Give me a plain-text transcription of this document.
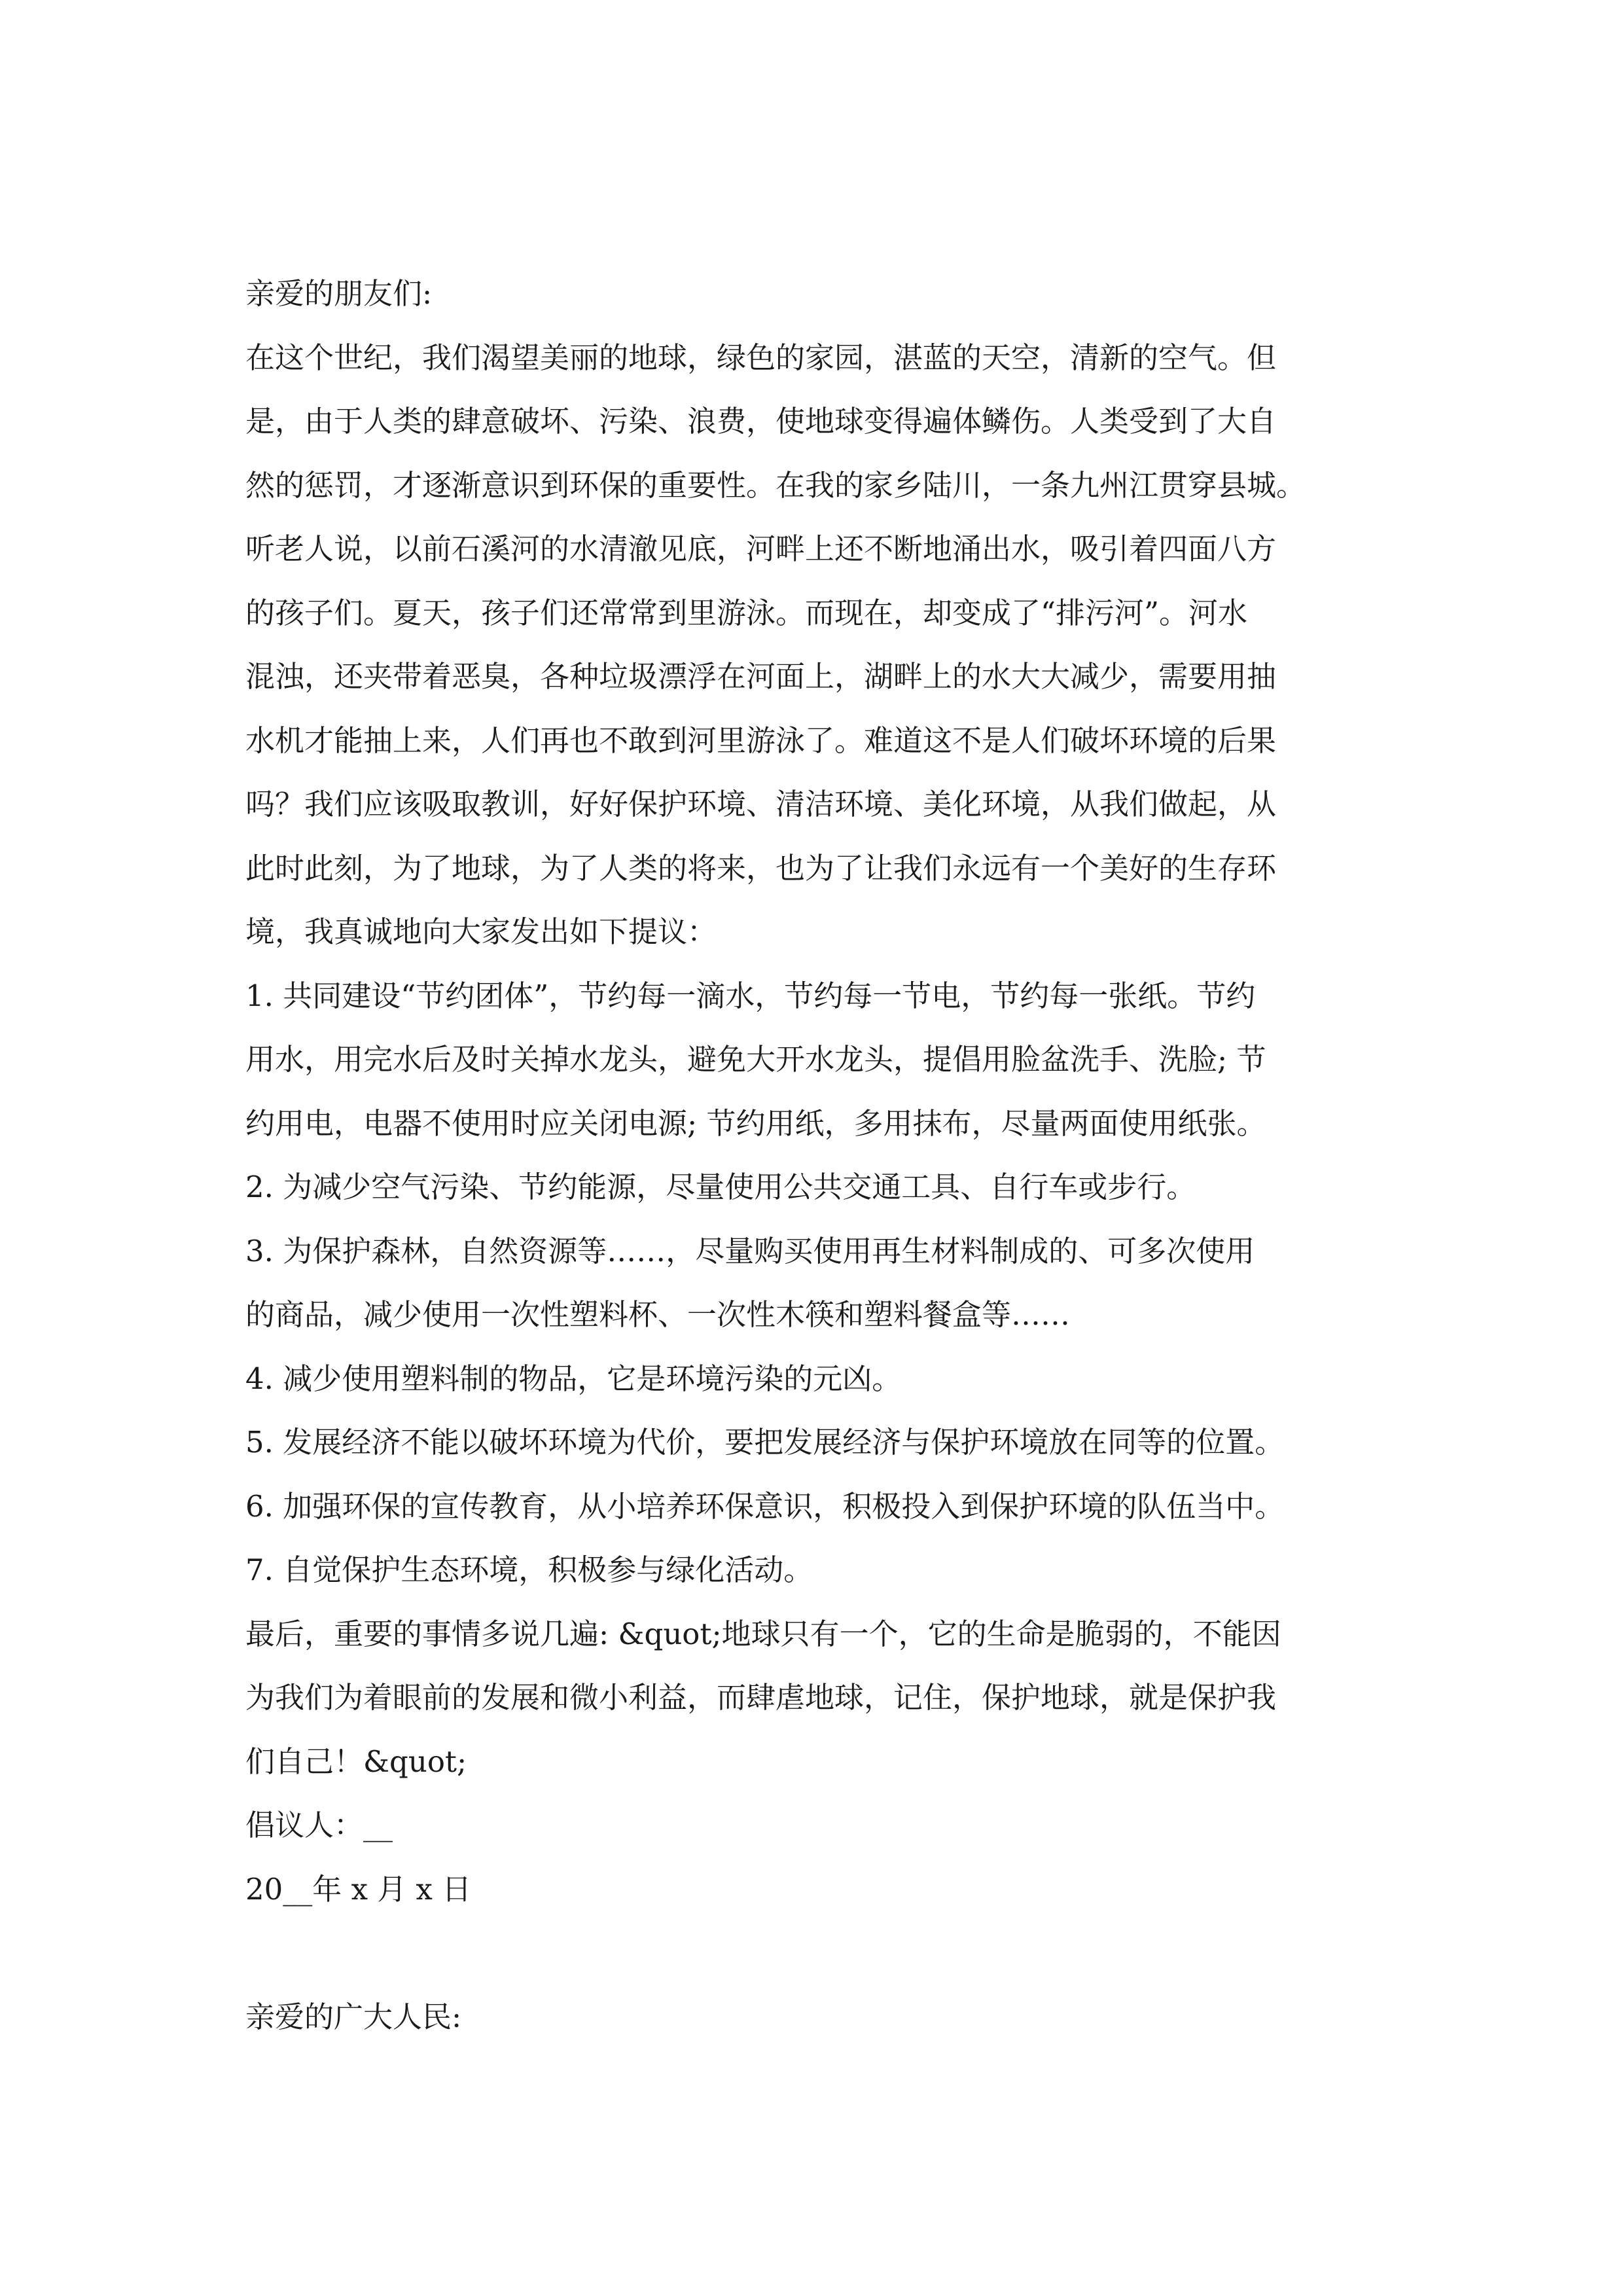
亲爱的朋友们:
在这个世纪，我们渴望美丽的地球，绿色的家园，湛蓝的天空，清新的空气。但
是，由于人类的肆意破坏、污染、浪费，使地球变得遍体鳞伤。人类受到了大自
然的惩罚，才逐渐意识到环保的重要性。在我的家乡陆川，一条九州江贯穿县城。
听老人说，以前石溪河的水清澈见底，河畔上还不断地涌出水，吸引着四面八方
的孩子们。夏天，孩子们还常常到里游泳。而现在，却变成了“排污河”。河水
混浊，还夹带着恶臭，各种垃圾漂浮在河面上，湖畔上的水大大减少，需要用抽
水机才能抽上来，人们再也不敢到河里游泳了。难道这不是人们破坏环境的后果
吗？我们应该吸取教训，好好保护环境、清洁环境、美化环境，从我们做起，从
此时此刻，为了地球，为了人类的将来，也为了让我们永远有一个美好的生存环
境，我真诚地向大家发出如下提议：
1. 共同建设“节约团体”，节约每一滴水，节约每一节电，节约每一张纸。节约
用水，用完水后及时关掉水龙头，避免大开水龙头，提倡用脸盆洗手、洗脸; 节
约用电，电器不使用时应关闭电源; 节约用纸，多用抹布，尽量两面使用纸张。
2. 为减少空气污染、节约能源，尽量使用公共交通工具、自行车或步行。
3. 为保护森林，自然资源等……，尽量购买使用再生材料制成的、可多次使用
的商品，减少使用一次性塑料杯、一次性木筷和塑料餐盒等……
4. 减少使用塑料制的物品，它是环境污染的元凶。
5. 发展经济不能以破坏环境为代价，要把发展经济与保护环境放在同等的位置。
6. 加强环保的宣传教育，从小培养环保意识，积极投入到保护环境的队伍当中。
7. 自觉保护生态环境，积极参与绿化活动。
最后，重要的事情多说几遍: &quot;地球只有一个，它的生命是脆弱的，不能因
为我们为着眼前的发展和微小利益，而肆虐地球，记住，保护地球，就是保护我
们自己！&quot;
倡议人：__
20__年 x 月 x 日
亲爱的广大人民:
